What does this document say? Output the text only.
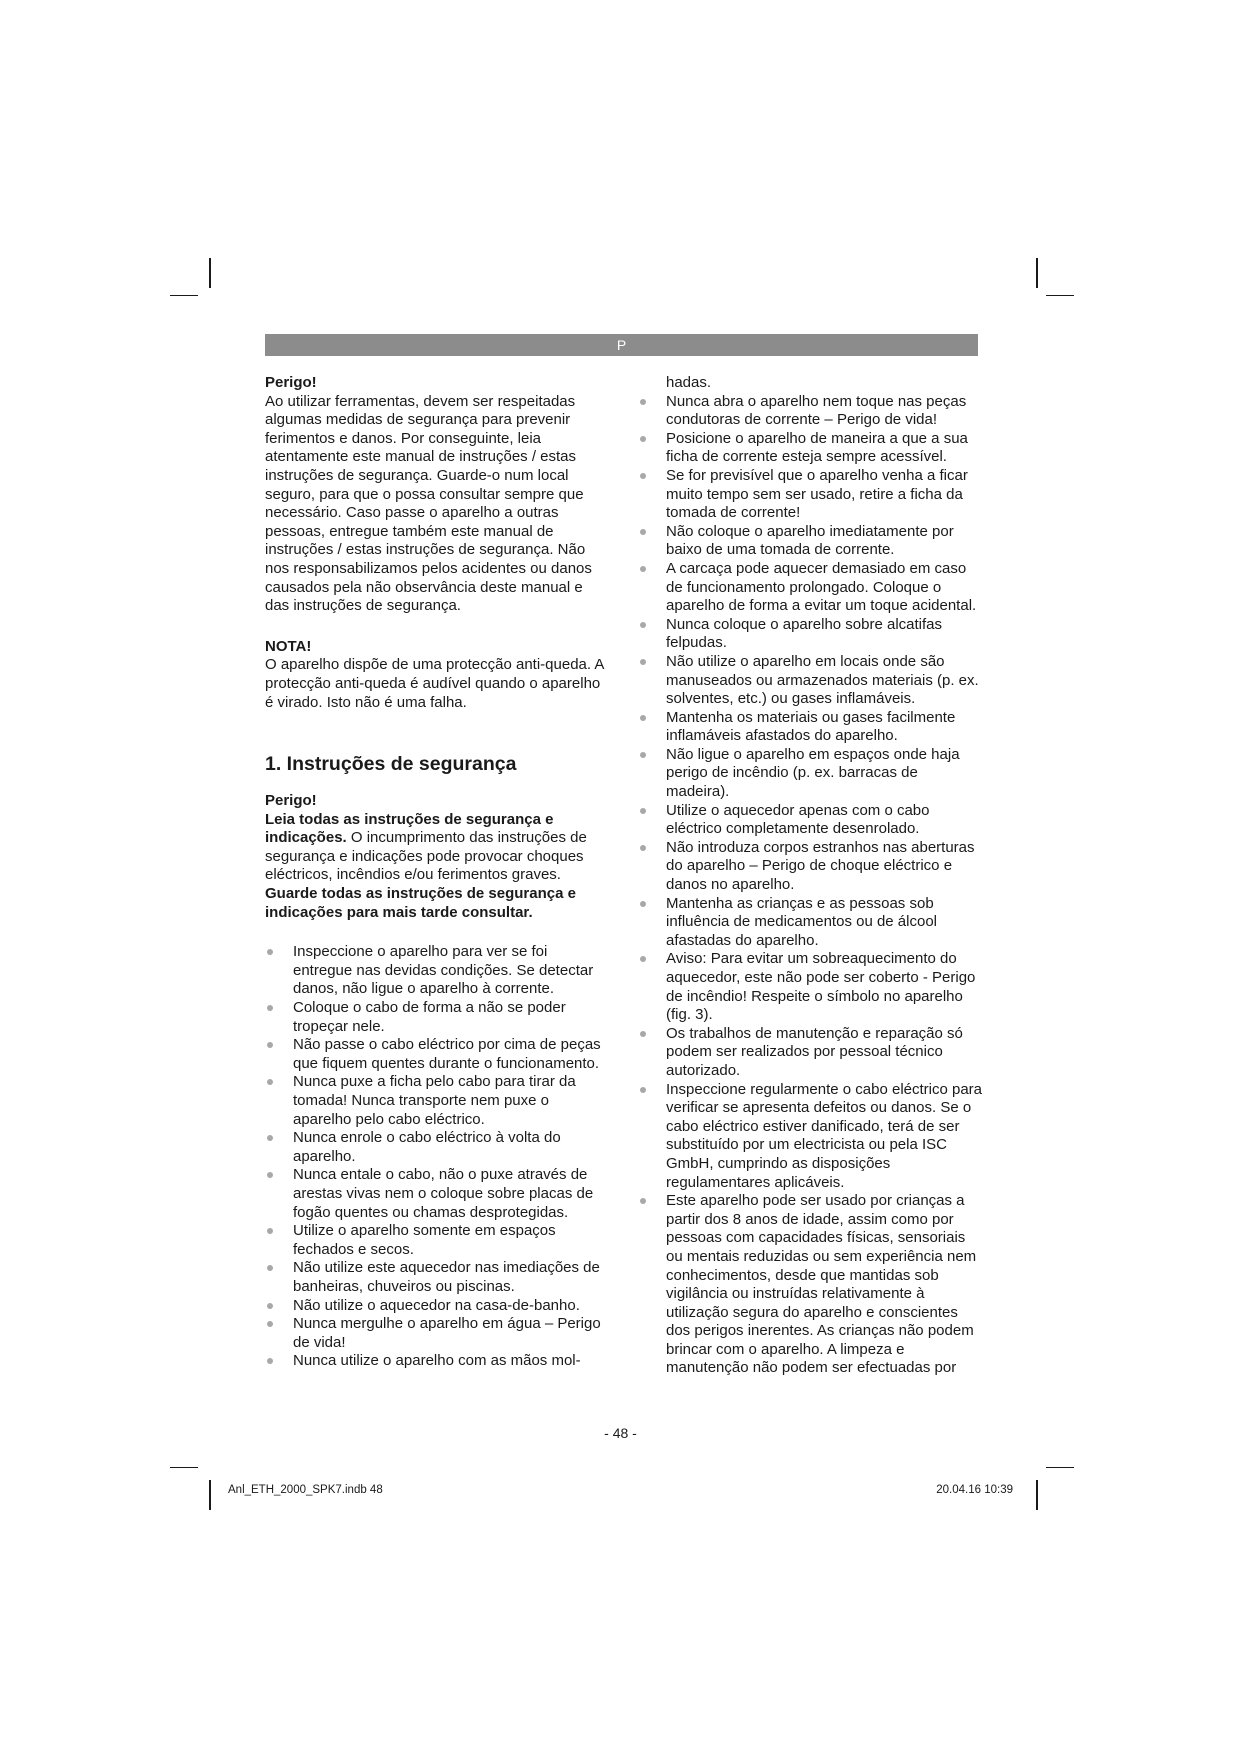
P

Perigo!

Ao utilizar ferramentas, devem ser respeitadas algumas medidas de segurança para prevenir ferimentos e danos. Por conseguinte, leia atentamente este manual de instruções / estas instruções de segurança. Guarde-o num local seguro, para que o possa consultar sempre que necessário. Caso passe o aparelho a outras pessoas, entregue também este manual de instruções / estas instruções de segurança. Não nos responsabilizamos pelos acidentes ou danos causados pela não observância deste manual e das instruções de segurança.

NOTA!

O aparelho dispõe de uma protecção anti-queda. A protecção anti-queda é audível quando o aparelho é virado. Isto não é uma falha.

1. Instruções de segurança

Perigo!

Leia todas as instruções de segurança e indicações. O incumprimento das instruções de segurança e indicações pode provocar choques eléctricos, incêndios e/ou ferimentos graves.

Guarde todas as instruções de segurança e indicações para mais tarde consultar.

Inspeccione o aparelho para ver se foi entregue nas devidas condições. Se detectar danos, não ligue o aparelho à corrente.
Coloque o cabo de forma a não se poder tropeçar nele.
Não passe o cabo eléctrico por cima de peças que fiquem quentes durante o funcionamento.
Nunca puxe a ficha pelo cabo para tirar da tomada! Nunca transporte nem puxe o aparelho pelo cabo eléctrico.
Nunca enrole o cabo eléctrico à volta do aparelho.
Nunca entale o cabo, não o puxe através de arestas vivas nem o coloque sobre placas de fogão quentes ou chamas desprotegidas.
Utilize o aparelho somente em espaços fechados e secos.
Não utilize este aquecedor nas imediações de banheiras, chuveiros ou piscinas.
Não utilize o aquecedor na casa-de-banho.
Nunca mergulhe o aparelho em água – Perigo de vida!
Nunca utilize o aparelho com as mãos mol-
hadas.
Nunca abra o aparelho nem toque nas peças condutoras de corrente – Perigo de vida!
Posicione o aparelho de maneira a que a sua ficha de corrente esteja sempre acessível.
Se for previsível que o aparelho venha a ficar muito tempo sem ser usado, retire a ficha da tomada de corrente!
Não coloque o aparelho imediatamente por baixo de uma tomada de corrente.
A carcaça pode aquecer demasiado em caso de funcionamento prolongado. Coloque o aparelho de forma a evitar um toque acidental.
Nunca coloque o aparelho sobre alcatifas felpudas.
Não utilize o aparelho em locais onde são manuseados ou armazenados materiais (p. ex. solventes, etc.) ou gases inflamáveis.
Mantenha os materiais ou gases facilmente inflamáveis afastados do aparelho.
Não ligue o aparelho em espaços onde haja perigo de incêndio (p. ex. barracas de madeira).
Utilize o aquecedor apenas com o cabo eléctrico completamente desenrolado.
Não introduza corpos estranhos nas aberturas do aparelho – Perigo de choque eléctrico e danos no aparelho.
Mantenha as crianças e as pessoas sob influência de medicamentos ou de álcool afastadas do aparelho.
Aviso: Para evitar um sobreaquecimento do aquecedor, este não pode ser coberto - Perigo de incêndio! Respeite o símbolo no aparelho (fig. 3).
Os trabalhos de manutenção e reparação só podem ser realizados por pessoal técnico autorizado.
Inspeccione regularmente o cabo eléctrico para verificar se apresenta defeitos ou danos. Se o cabo eléctrico estiver danificado, terá de ser substituído por um electricista ou pela ISC GmbH, cumprindo as disposições regulamentares aplicáveis.
Este aparelho pode ser usado por crianças a partir dos 8 anos de idade, assim como por pessoas com capacidades físicas, sensoriais ou mentais reduzidas ou sem experiência nem conhecimentos, desde que mantidas sob vigilância ou instruídas relativamente à utilização segura do aparelho e conscientes dos perigos inerentes. As crianças não podem brincar com o aparelho. A limpeza e manutenção não podem ser efectuadas por
- 48 -
Anl_ETH_2000_SPK7.indb 48	20.04.16 10:39
